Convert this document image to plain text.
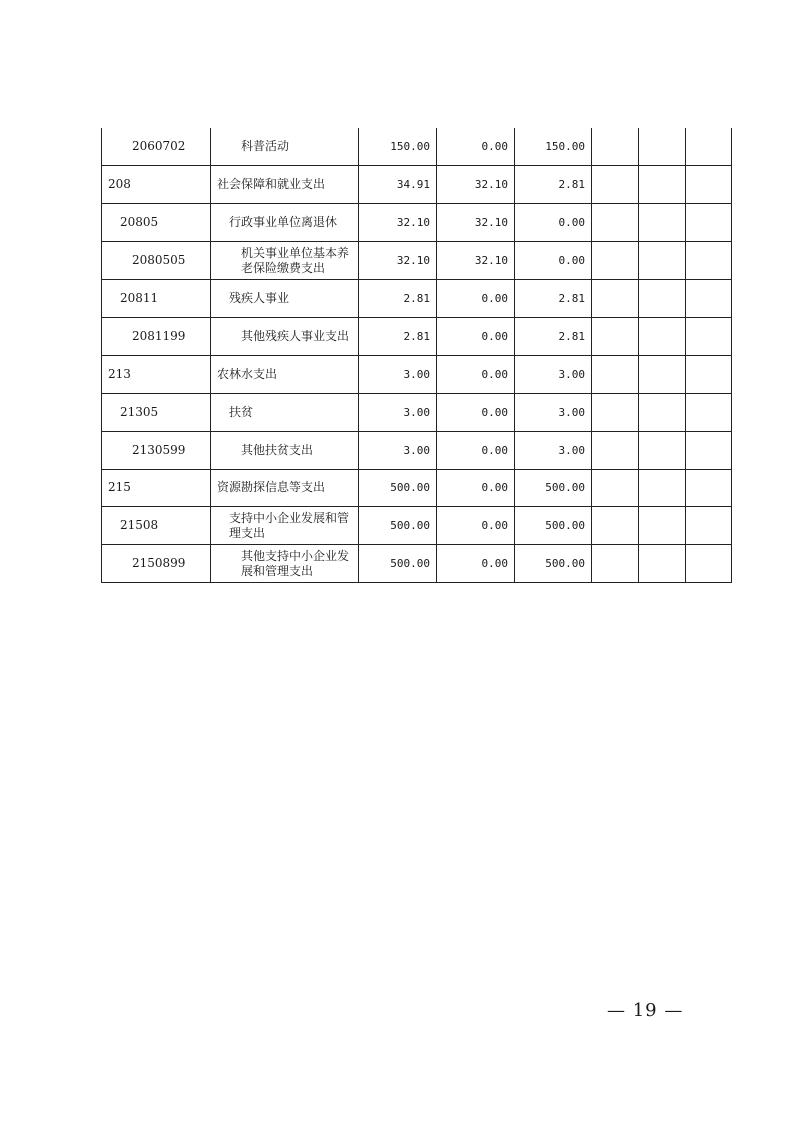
2060702	科普活动	150.00	0.00	150.00			
208	社会保障和就业支出	34.91	32.10	2.81			
20805	行政事业单位离退休	32.10	32.10	0.00			
2080505	机关事业单位基本养老保险缴费支出	32.10	32.10	0.00			
20811	残疾人事业	2.81	0.00	2.81			
2081199	其他残疾人事业支出	2.81	0.00	2.81			
213	农林水支出	3.00	0.00	3.00			
21305	扶贫	3.00	0.00	3.00			
2130599	其他扶贫支出	3.00	0.00	3.00			
215	资源勘探信息等支出	500.00	0.00	500.00			
21508	支持中小企业发展和管理支出	500.00	0.00	500.00			
2150899	其他支持中小企业发展和管理支出	500.00	0.00	500.00			
— 19 —
